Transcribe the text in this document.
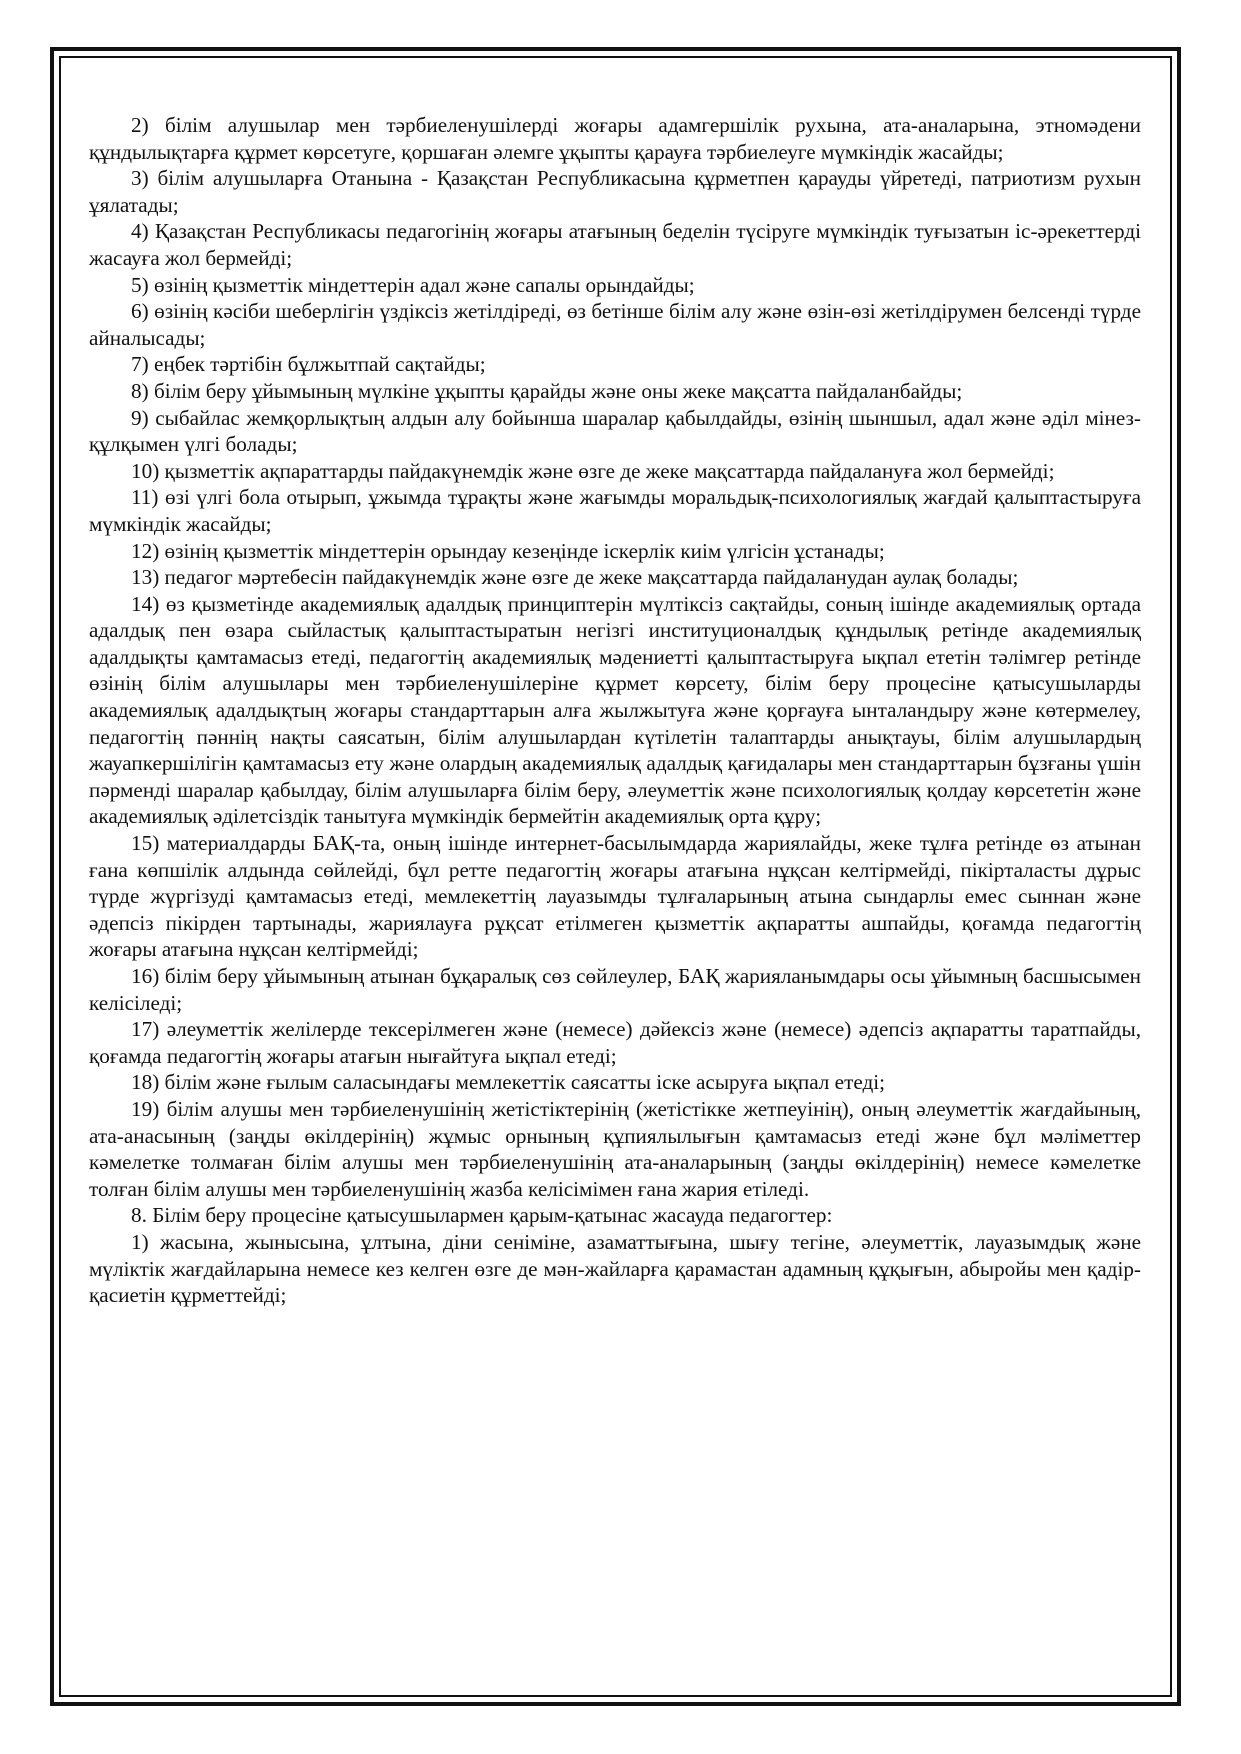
2) білім алушылар мен тәрбиеленушілерді жоғары адамгершілік рухына, ата-аналарына, этномәдени құндылықтарға құрмет көрсетуге, қоршаған әлемге ұқыпты қарауға тәрбиелеуге мүмкіндік жасайды;

3) білім алушыларға Отанына - Қазақстан Республикасына құрметпен қарауды үйретеді, патриотизм рухын ұялатады;

4) Қазақстан Республикасы педагогінің жоғары атағының беделін түсіруге мүмкіндік туғызатын іс-әрекеттерді жасауға жол бермейді;

5) өзінің қызметтік міндеттерін адал және сапалы орындайды;

6) өзінің кәсіби шеберлігін үздіксіз жетілдіреді, өз бетінше білім алу және өзін-өзі жетілдірумен белсенді түрде айналысады;

7) еңбек тәртібін бұлжытпай сақтайды;

8) білім беру ұйымының мүлкіне ұқыпты қарайды және оны жеке мақсатта пайдаланбайды;

9) сыбайлас жемқорлықтың алдын алу бойынша шаралар қабылдайды, өзінің шыншыл, адал және әділ мінез-құлқымен үлгі болады;

10) қызметтік ақпараттарды пайдакүнемдік және өзге де жеке мақсаттарда пайдалануға жол бермейді;

11) өзі үлгі бола отырып, ұжымда тұрақты және жағымды моральдық-психологиялық жағдай қалыптастыруға мүмкіндік жасайды;

12) өзінің қызметтік міндеттерін орындау кезеңінде іскерлік киім үлгісін ұстанады;

13) педагог мәртебесін пайдакүнемдік және өзге де жеке мақсаттарда пайдаланудан аулақ болады;

14) өз қызметінде академиялық адалдық принциптерін мүлтіксіз сақтайды, соның ішінде академиялық ортада адалдық пен өзара сыйластық қалыптастыратын негізгі институционалдық құндылық ретінде академиялық адалдықты қамтамасыз етеді, педагогтің академиялық мәдениетті қалыптастыруға ықпал ететін тәлімгер ретінде өзінің білім алушылары мен тәрбиеленушілеріне құрмет көрсету, білім беру процесіне қатысушыларды академиялық адалдықтың жоғары стандарттарын алға жылжытуға және қорғауға ынталандыру және көтермелеу, педагогтің пәннің нақты саясатын, білім алушылардан күтілетін талаптарды анықтауы, білім алушылардың жауапкершілігін қамтамасыз ету және олардың академиялық адалдық қағидалары мен стандарттарын бұзғаны үшін пәрменді шаралар қабылдау, білім алушыларға білім беру, әлеуметтік және психологиялық қолдау көрсететін және академиялық әділетсіздік танытуға мүмкіндік бермейтін академиялық орта құру;

15) материалдарды БАҚ-та, оның ішінде интернет-басылымдарда жариялайды, жеке тұлға ретінде өз атынан ғана көпшілік алдында сөйлейді, бұл ретте педагогтің жоғары атағына нұқсан келтірмейді, пікірталасты дұрыс түрде жүргізуді қамтамасыз етеді, мемлекеттің лауазымды тұлғаларының атына сындарлы емес сыннан және әдепсіз пікірден тартынады, жариялауға рұқсат етілмеген қызметтік ақпаратты ашпайды, қоғамда педагогтің жоғары атағына нұқсан келтірмейді;

16) білім беру ұйымының атынан бұқаралық сөз сөйлеулер, БАҚ жарияланымдары осы ұйымның басшысымен келісіледі;

17) әлеуметтік желілерде тексерілмеген және (немесе) дәйексіз және (немесе) әдепсіз ақпаратты таратпайды, қоғамда педагогтің жоғары атағын нығайтуға ықпал етеді;

18) білім және ғылым саласындағы мемлекеттік саясатты іске асыруға ықпал етеді;

19) білім алушы мен тәрбиеленушінің жетістіктерінің (жетістікке жетпеуінің), оның әлеуметтік жағдайының, ата-анасының (заңды өкілдерінің) жұмыс орнының құпиялылығын қамтамасыз етеді және бұл мәліметтер кәмелетке толмаған білім алушы мен тәрбиеленушінің ата-аналарының (заңды өкілдерінің) немесе кәмелетке толған білім алушы мен тәрбиеленушінің жазба келісімімен ғана жария етіледі.

8. Білім беру процесіне қатысушылармен қарым-қатынас жасауда педагогтер:

1) жасына, жынысына, ұлтына, діни сеніміне, азаматтығына, шығу тегіне, әлеуметтік, лауазымдық және мүліктік жағдайларына немесе кез келген өзге де мән-жайларға қарамастан адамның құқығын, абыройы мен қадір-қасиетін құрметтейді;
